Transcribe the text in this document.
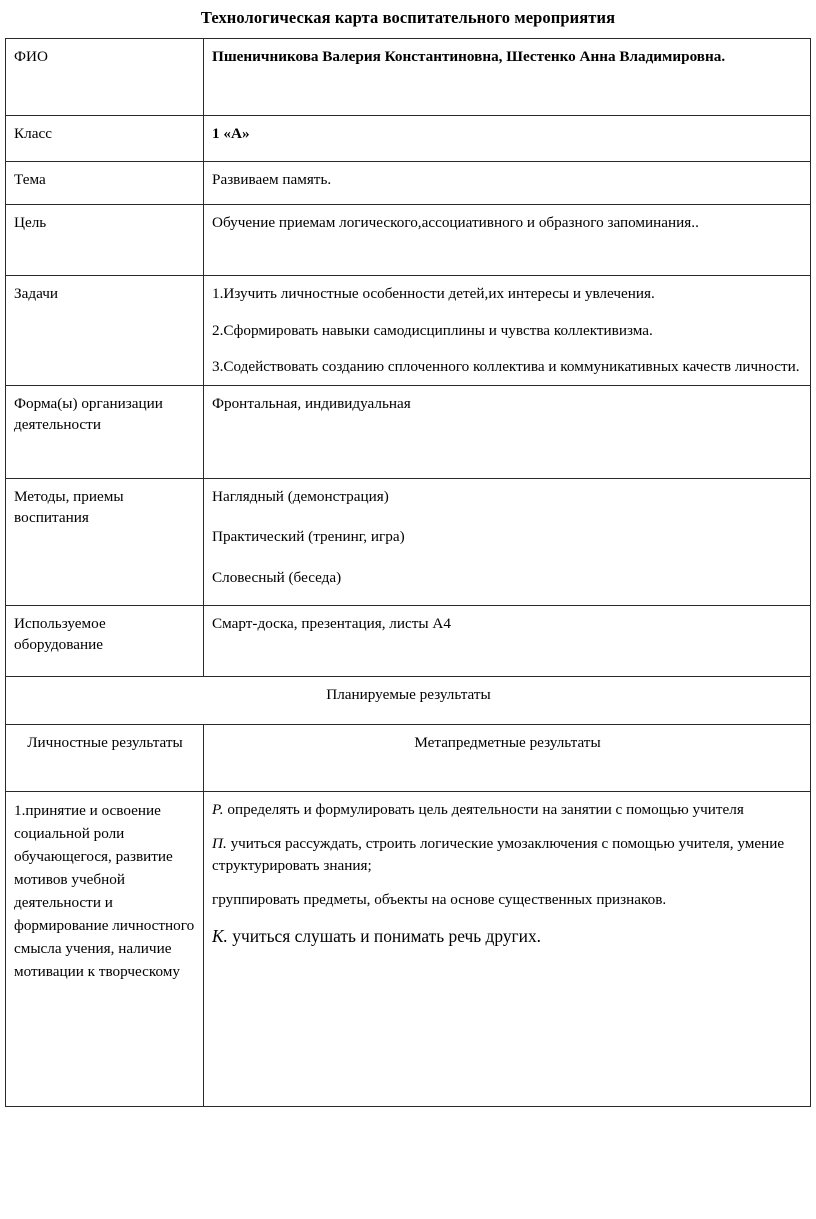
Технологическая карта воспитательного мероприятия
ФИО	Пшеничникова Валерия Константиновна, Шестенко Анна Владимировна.
Класс	1 «А»
Тема	Развиваем память.
Цель	Обучение приемам логического,ассоциативного и образного запоминания..
Задачи	1.Изучить личностные особенности детей,их интересы и увлечения.

2.Сформировать навыки самодисциплины и чувства коллективизма.

3.Содействовать созданию сплоченного коллектива и коммуникативных качеств личности.

Форма(ы) организации деятельности	Фронтальная, индивидуальная
Методы, приемы воспитания	Наглядный (демонстрация)

Практический (тренинг, игра)

Словесный (беседа)

Используемое оборудование	Смарт-доска, презентация, листы А4
Планируемые результаты	
Личностные результаты	Метапредметные результаты

1.принятие и освоение социальной роли обучающегося, развитие мотивов учебной деятельности и формирование личностного смысла учения, наличие мотивации к творческому	Р. определять и формулировать цель деятельности на занятии с помощью учителя

П. учиться рассуждать, строить логические умозаключения с помощью учителя, умение структурировать знания;

группировать предметы, объекты на основе существенных признаков.

К. учиться слушать и понимать речь других.
